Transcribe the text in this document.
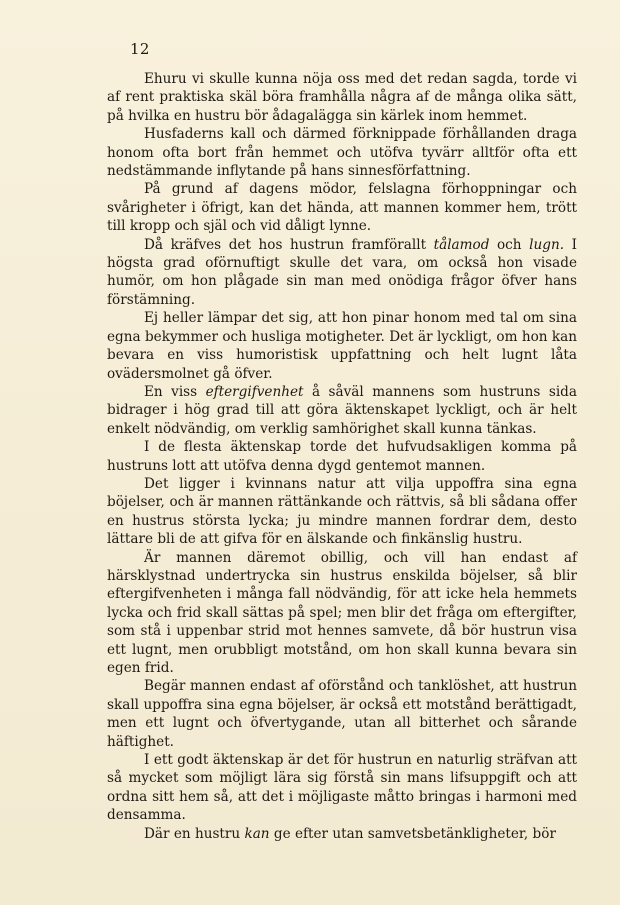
12

Ehuru vi skulle kunna nöja oss med det redan sagda, torde vi af rent praktiska skäl böra framhålla några af de många olika sätt, på hvilka en hustru bör ådagalägga sin kärlek inom hemmet.

Husfaderns kall och därmed förknippade förhållanden draga honom ofta bort från hemmet och utöfva tyvärr alltför ofta ett nedstämmande inflytande på hans sinnesförfattning.

På grund af dagens mödor, felslagna förhoppningar och svårigheter i öfrigt, kan det hända, att mannen kommer hem, trött till kropp och själ och vid dåligt lynne.

Då kräfves det hos hustrun framförallt tålamod och lugn. I högsta grad oförnuftigt skulle det vara, om också hon visade humör, om hon plågade sin man med onödiga frågor öfver hans förstämning.

Ej heller lämpar det sig, att hon pinar honom med tal om sina egna bekymmer och husliga motigheter. Det är lyckligt, om hon kan bevara en viss humoristisk uppfattning och helt lugnt låta ovädersmolnet gå öfver.

En viss eftergifvenhet å såväl mannens som hustruns sida bidrager i hög grad till att göra äktenskapet lyckligt, och är helt enkelt nödvändig, om verklig samhörighet skall kunna tänkas.

I de flesta äktenskap torde det hufvudsakligen komma på hustruns lott att utöfva denna dygd gentemot mannen.

Det ligger i kvinnans natur att vilja uppoffra sina egna böjelser, och är mannen rättänkande och rättvis, så bli sådana offer en hustrus största lycka; ju mindre mannen fordrar dem, desto lättare bli de att gifva för en älskande och finkänslig hustru.

Är mannen däremot obillig, och vill han endast af härsklystnad undertrycka sin hustrus enskilda böjelser, så blir eftergifvenheten i många fall nödvändig, för att icke hela hemmets lycka och frid skall sättas på spel; men blir det fråga om eftergifter, som stå i uppenbar strid mot hennes samvete, då bör hustrun visa ett lugnt, men orubbligt motstånd, om hon skall kunna bevara sin egen frid.

Begär mannen endast af oförstånd och tanklöshet, att hustrun skall uppoffra sina egna böjelser, är också ett motstånd berättigadt, men ett lugnt och öfvertygande, utan all bitterhet och sårande häftighet.

I ett godt äktenskap är det för hustrun en naturlig sträfvan att så mycket som möjligt lära sig förstå sin mans lifsuppgift och att ordna sitt hem så, att det i möjligaste måtto bringas i harmoni med densamma.

Där en hustru kan ge efter utan samvetsbetänkligheter, bör
